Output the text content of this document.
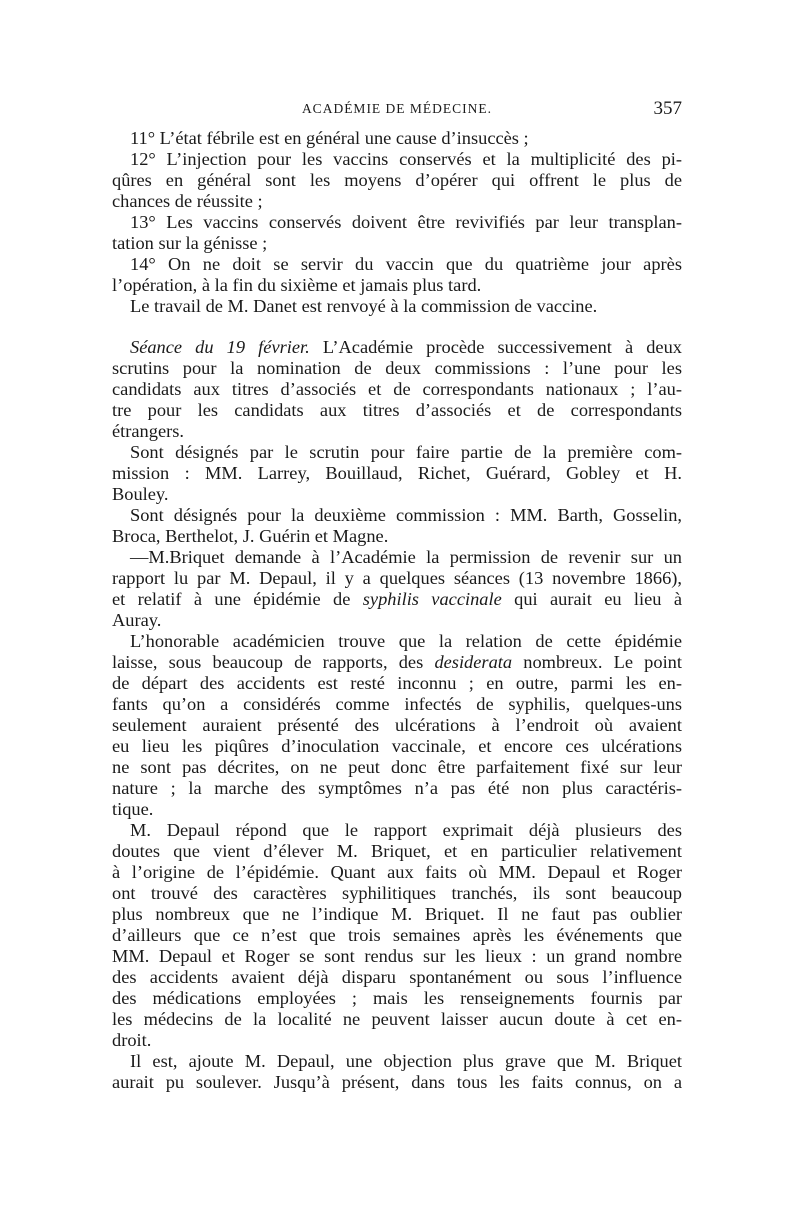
ACADÉMIE DE MÉDECINE.	357
11° L’état fébrile est en général une cause d’insuccès ;
12° L’injection pour les vaccins conservés et la multiplicité des pi-
qûres en général sont les moyens d’opérer qui offrent le plus de
chances de réussite ;
13° Les vaccins conservés doivent être revivifiés par leur transplan-
tation sur la génisse ;
14° On ne doit se servir du vaccin que du quatrième jour après
l’opération, à la fin du sixième et jamais plus tard.
Le travail de M. Danet est renvoyé à la commission de vaccine.
Séance du 19 février. L’Académie procède successivement à deux
scrutins pour la nomination de deux commissions : l’une pour les
candidats aux titres d’associés et de correspondants nationaux ; l’au-
tre pour les candidats aux titres d’associés et de correspondants
étrangers.
Sont désignés par le scrutin pour faire partie de la première com-
mission : MM. Larrey, Bouillaud, Richet, Guérard, Gobley et H.
Bouley.
Sont désignés pour la deuxième commission : MM. Barth, Gosselin,
Broca, Berthelot, J. Guérin et Magne.
—M.Briquet demande à l’Académie la permission de revenir sur un
rapport lu par M. Depaul, il y a quelques séances (13 novembre 1866),
et relatif à une épidémie de syphilis vaccinale qui aurait eu lieu à
Auray.
L’honorable académicien trouve que la relation de cette épidémie
laisse, sous beaucoup de rapports, des desiderata nombreux. Le point
de départ des accidents est resté inconnu ; en outre, parmi les en-
fants qu’on a considérés comme infectés de syphilis, quelques-uns
seulement auraient présenté des ulcérations à l’endroit où avaient
eu lieu les piqûres d’inoculation vaccinale, et encore ces ulcérations
ne sont pas décrites, on ne peut donc être parfaitement fixé sur leur
nature ; la marche des symptômes n’a pas été non plus caractéris-
tique.
M. Depaul répond que le rapport exprimait déjà plusieurs des
doutes que vient d’élever M. Briquet, et en particulier relativement
à l’origine de l’épidémie. Quant aux faits où MM. Depaul et Roger
ont trouvé des caractères syphilitiques tranchés, ils sont beaucoup
plus nombreux que ne l’indique M. Briquet. Il ne faut pas oublier
d’ailleurs que ce n’est que trois semaines après les événements que
MM. Depaul et Roger se sont rendus sur les lieux : un grand nombre
des accidents avaient déjà disparu spontanément ou sous l’influence
des médications employées ; mais les renseignements fournis par
les médecins de la localité ne peuvent laisser aucun doute à cet en-
droit.
Il est, ajoute M. Depaul, une objection plus grave que M. Briquet
aurait pu soulever. Jusqu’à présent, dans tous les faits connus, on a
